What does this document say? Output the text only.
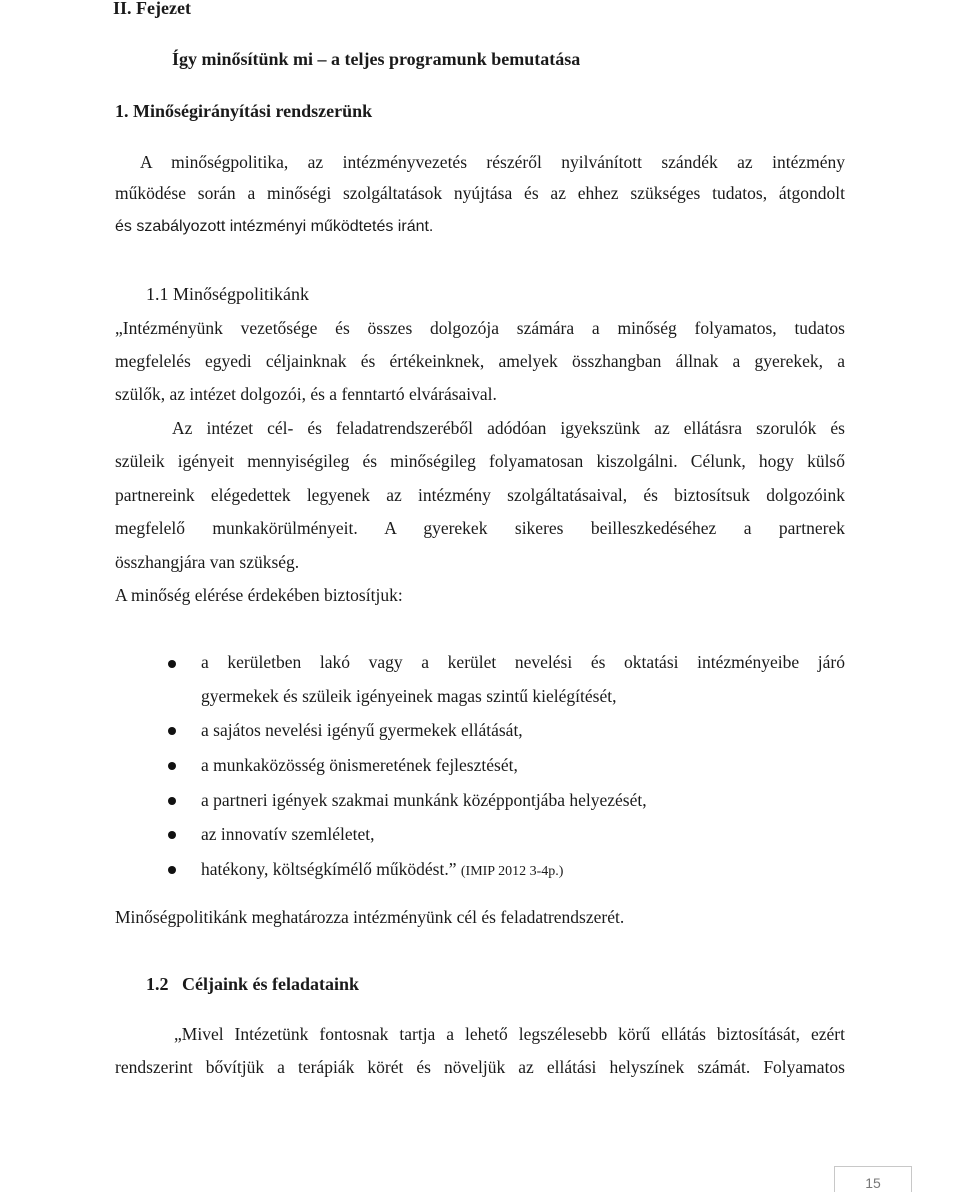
II. Fejezet
Így minősítünk mi – a teljes programunk bemutatása
1. Minőségirányítási rendszerünk
A minőségpolitika, az intézményvezetés részéről nyilvánított szándék az intézmény
működése során a minőségi szolgáltatások nyújtása és az ehhez szükséges tudatos, átgondolt
és szabályozott intézményi működtetés iránt.
1.1 Minőségpolitikánk
„Intézményünk vezetősége és összes dolgozója számára a minőség folyamatos, tudatos
megfelelés egyedi céljainknak és értékeinknek, amelyek összhangban állnak a gyerekek, a
szülők, az intézet dolgozói, és a fenntartó elvárásaival.
Az intézet cél- és feladatrendszeréből adódóan igyekszünk az ellátásra szorulók és
szüleik igényeit mennyiségileg és minőségileg folyamatosan kiszolgálni. Célunk, hogy külső
partnereink elégedettek legyenek az intézmény szolgáltatásaival, és biztosítsuk dolgozóink
megfelelő munkakörülményeit. A gyerekek sikeres beilleszkedéséhez a partnerek
összhangjára van szükség.
A minőség elérése érdekében biztosítjuk:
a kerületben lakó vagy a kerület nevelési és oktatási intézményeibe járó
gyermekek és szüleik igényeinek magas szintű kielégítését,
a sajátos nevelési igényű gyermekek ellátását,
a munkaközösség önismeretének fejlesztését,
a partneri igények szakmai munkánk középpontjába helyezését,
az innovatív szemléletet,
hatékony, költségkímélő működést.” (IMIP 2012 3-4p.)
Minőségpolitikánk meghatározza intézményünk cél és feladatrendszerét.
1.2   Céljaink és feladataink
„Mivel Intézetünk fontosnak tartja a lehető legszélesebb körű ellátás biztosítását, ezért
rendszerint bővítjük a terápiák körét és növeljük az ellátási helyszínek számát. Folyamatos
15
